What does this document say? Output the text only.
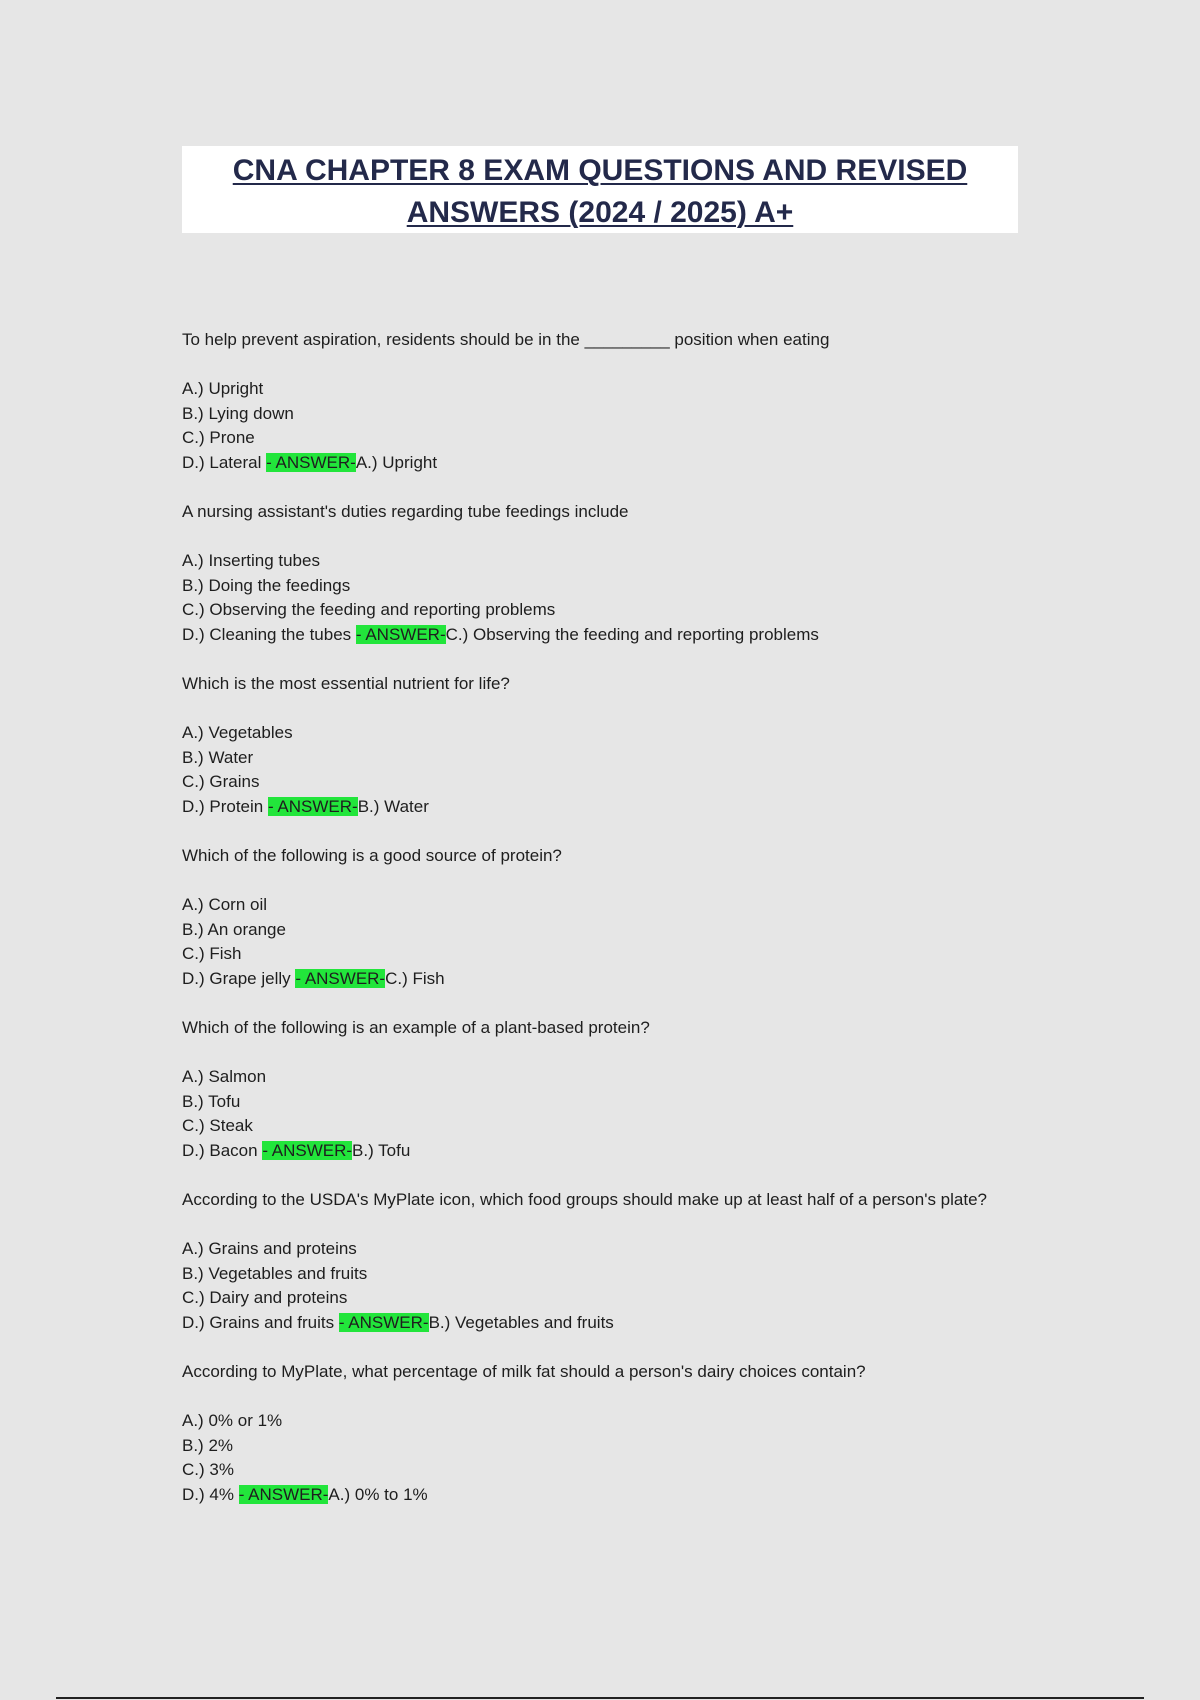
CNA CHAPTER 8 EXAM QUESTIONS AND REVISED
ANSWERS (2024 / 2025) A+
To help prevent aspiration, residents should be in the _________ position when eating
A.) Upright
B.) Lying down
C.) Prone
D.) Lateral - ANSWER-A.) Upright
A nursing assistant's duties regarding tube feedings include
A.) Inserting tubes
B.) Doing the feedings
C.) Observing the feeding and reporting problems
D.) Cleaning the tubes - ANSWER-C.) Observing the feeding and reporting problems
Which is the most essential nutrient for life?
A.) Vegetables
B.) Water
C.) Grains
D.) Protein - ANSWER-B.) Water
Which of the following is a good source of protein?
A.) Corn oil
B.) An orange
C.) Fish
D.) Grape jelly - ANSWER-C.) Fish
Which of the following is an example of a plant-based protein?
A.) Salmon
B.) Tofu
C.) Steak
D.) Bacon - ANSWER-B.) Tofu
According to the USDA's MyPlate icon, which food groups should make up at least half of a person's plate?
A.) Grains and proteins
B.) Vegetables and fruits
C.) Dairy and proteins
D.) Grains and fruits - ANSWER-B.) Vegetables and fruits
According to MyPlate, what percentage of milk fat should a person's dairy choices contain?
A.) 0% or 1%
B.) 2%
C.) 3%
D.) 4% - ANSWER-A.) 0% to 1%
